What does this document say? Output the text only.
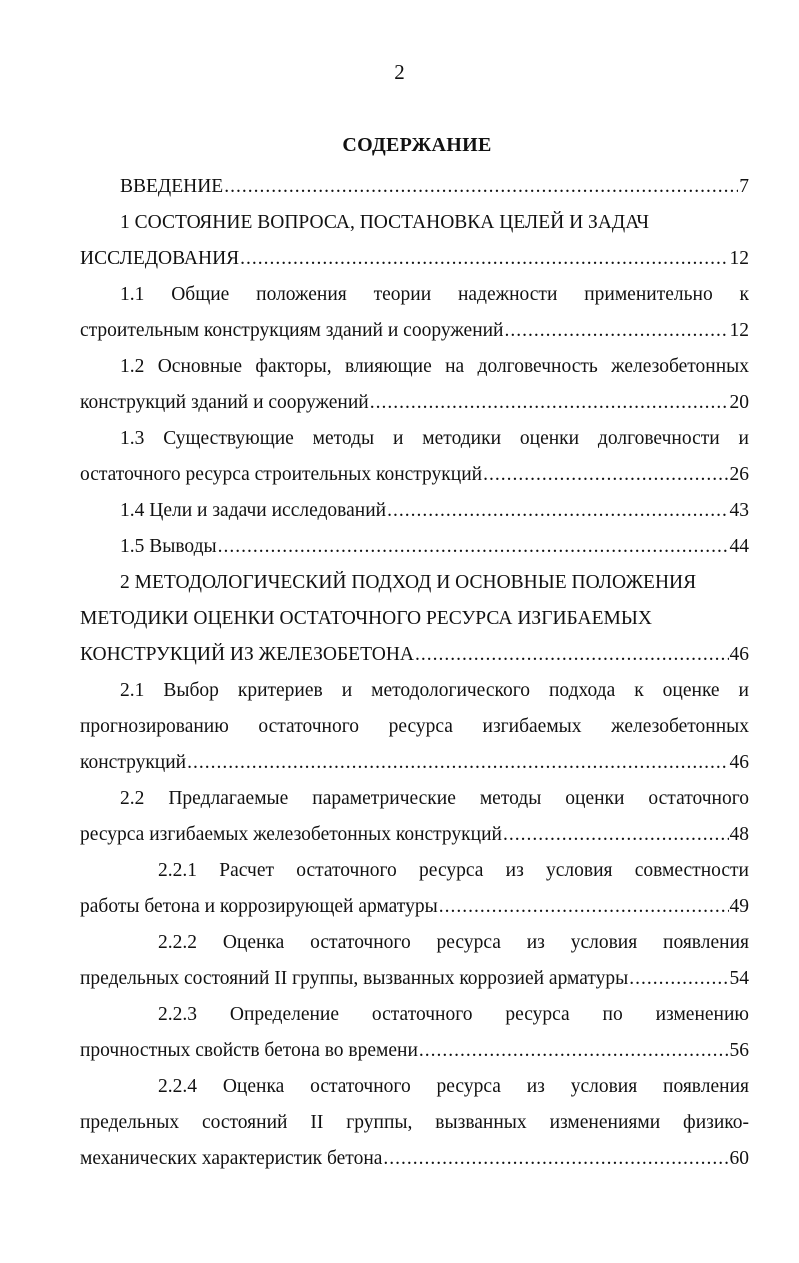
2
СОДЕРЖАНИЕ
ВВЕДЕНИЕ .....	7
1 СОСТОЯНИЕ ВОПРОСА, ПОСТАНОВКА ЦЕЛЕЙ И ЗАДАЧ
ИССЛЕДОВАНИЯ .....	12
1.1 Общие положения теории надежности применительно к
строительным конструкциям зданий и сооружений .....	12
1.2 Основные факторы, влияющие на долговечность железобетонных
конструкций зданий и сооружений .....	20
1.3 Существующие методы и методики оценки долговечности и
остаточного ресурса строительных конструкций .....	26
1.4 Цели и задачи исследований .....	43
1.5 Выводы .....	44
2 МЕТОДОЛОГИЧЕСКИЙ ПОДХОД И ОСНОВНЫЕ ПОЛОЖЕНИЯ
МЕТОДИКИ ОЦЕНКИ ОСТАТОЧНОГО РЕСУРСА ИЗГИБАЕМЫХ
КОНСТРУКЦИЙ ИЗ ЖЕЛЕЗОБЕТОНА .....	46
2.1 Выбор критериев и методологического подхода к оценке и
прогнозированию остаточного ресурса изгибаемых железобетонных
конструкций .....	46
2.2 Предлагаемые параметрические методы оценки остаточного
ресурса изгибаемых железобетонных конструкций .....	48
2.2.1 Расчет остаточного ресурса из условия совместности
работы бетона и коррозирующей арматуры .....	49
2.2.2 Оценка остаточного ресурса из условия появления
предельных состояний II группы, вызванных коррозией арматуры .....	54
2.2.3 Определение остаточного ресурса по изменению
прочностных свойств бетона во времени .....	56
2.2.4 Оценка остаточного ресурса из условия появления
предельных состояний II группы, вызванных изменениями физико-
механических характеристик бетона .....	60
